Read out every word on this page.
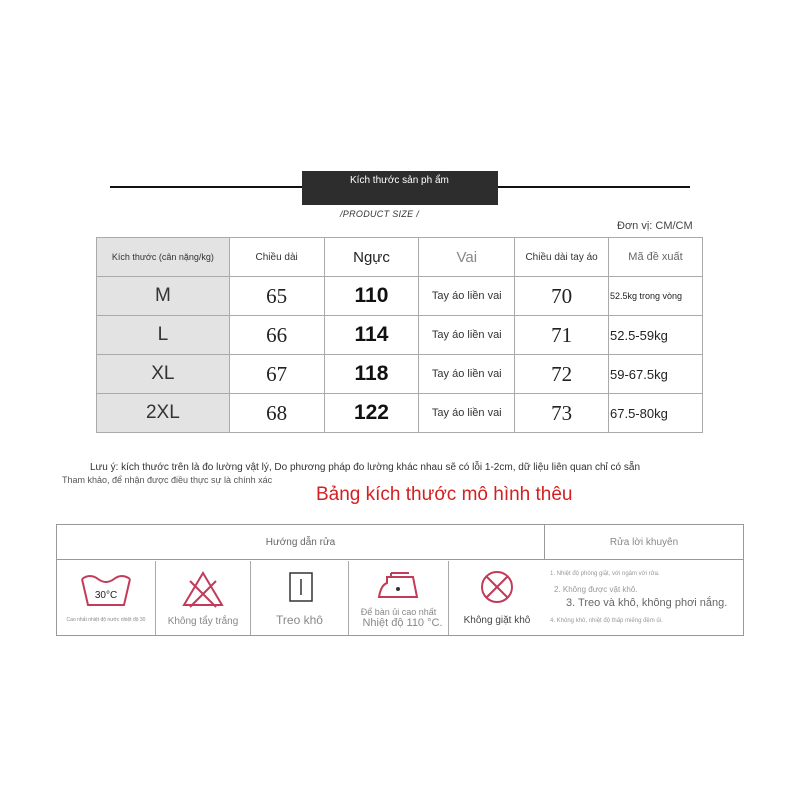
Kích thước sản ph ẩm
/PRODUCT SIZE /
Đơn vị: CM/CM
Kích thước (cân nặng/kg)	Chiều dài	Ngực	Vai	Chiều dài tay áo	Mã đề xuất
M	65	110	Tay áo liền vai	70	52.5kg trong vòng
L	66	114	Tay áo liền vai	71	52.5-59kg
XL	67	118	Tay áo liền vai	72	59-67.5kg
2XL	68	122	Tay áo liền vai	73	67.5-80kg
Lưu ý: kích thước trên là đo lường vật lý, Do phương pháp đo lường khác nhau sẽ có lỗi 1-2cm, dữ liệu liên quan chỉ có sẵn
Tham khảo, để nhận được điều thực sự là chính xác
Bảng kích thước mô hình thêu
Hướng dẫn rửa	Rửa lời khuyên
30°C
Cao nhất nhiệt độ nước nhiệt độ 30	Không tẩy trắng	Treo khô
Để bàn ủi cao nhất
Nhiệt độ 110 °C.	Không giặt khô
1. Nhiệt độ phòng giặt, với ngâm với rửa.
2. Không được vặt khô.
3. Treo và khô, không phơi nắng.
4. Không khô, nhiệt độ thấp miếng đệm ủi.
